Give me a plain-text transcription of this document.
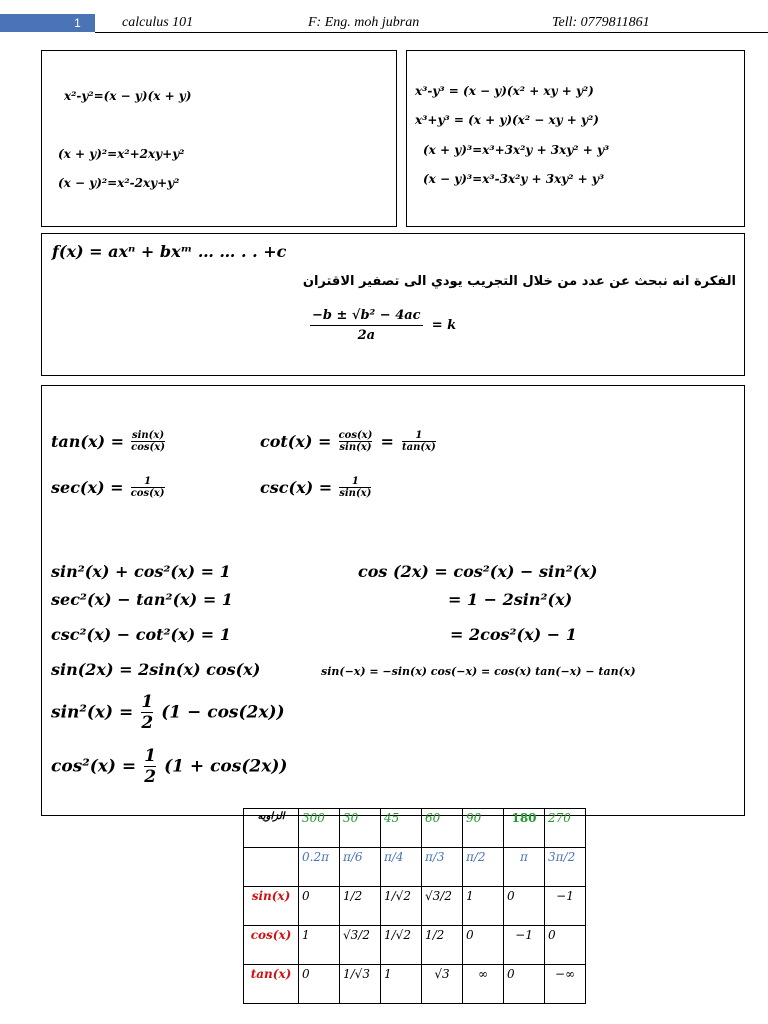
1	calculus 101	F: Eng. moh jubran	Tell: 0779811861
x²-y²=(x − y)(x + y)
(x + y)²=x²+2xy+y²
(x − y)²=x²-2xy+y²
x³-y³ = (x − y)(x² + xy + y²)
x³+y³ = (x + y)(x² − xy + y²)
(x + y)³=x³+3x²y + 3xy² + y³
(x − y)³=x³-3x²y + 3xy² + y³
f(x) = axⁿ + bxᵐ … … . . +c
الفكرة انه نبحث عن عدد من خلال التجريب يودي الى تصفير الاقتران
$\frac{\text{−b ± √b² − 4ac}}{2a} = k$
$\tan(x) = \frac{\sin(x)}{\cos(x)}$	$\cot(x) = \frac{\cos(x)}{\sin(x)} = \frac{1}{\tan(x)}$
$\sec(x) = \frac{1}{\cos(x)}$	$\csc(x) = \frac{1}{\sin(x)}$
sin²(x) + cos²(x) = 1
sec²(x) − tan²(x) = 1
csc²(x) − cot²(x) = 1
sin(2x) = 2sin(x) cos(x)
cos (2x) = cos²(x) − sin²(x)
= 1 − 2sin²(x)
= 2cos²(x) − 1
sin(−x) = −sin(x) cos(−x) = cos(x) tan(−x) − tan(x)
$\sin^2(x) = \frac{1}{2} (1 - \cos(2x))$
$\cos^2(x) = \frac{1}{2} (1 + \cos(2x))$
الزاويه	300	30	45	60	90	180	270
	0.2π	π/6	π/4	π/3	π/2	π	3π/2
sin(x)	0	1/2	1/√2	√3/2	1	0	−1
cos(x)	1	√3/2	1/√2	1/2	0	−1	0
tan(x)	0	1/√3	1	√3	∞	0	−∞
